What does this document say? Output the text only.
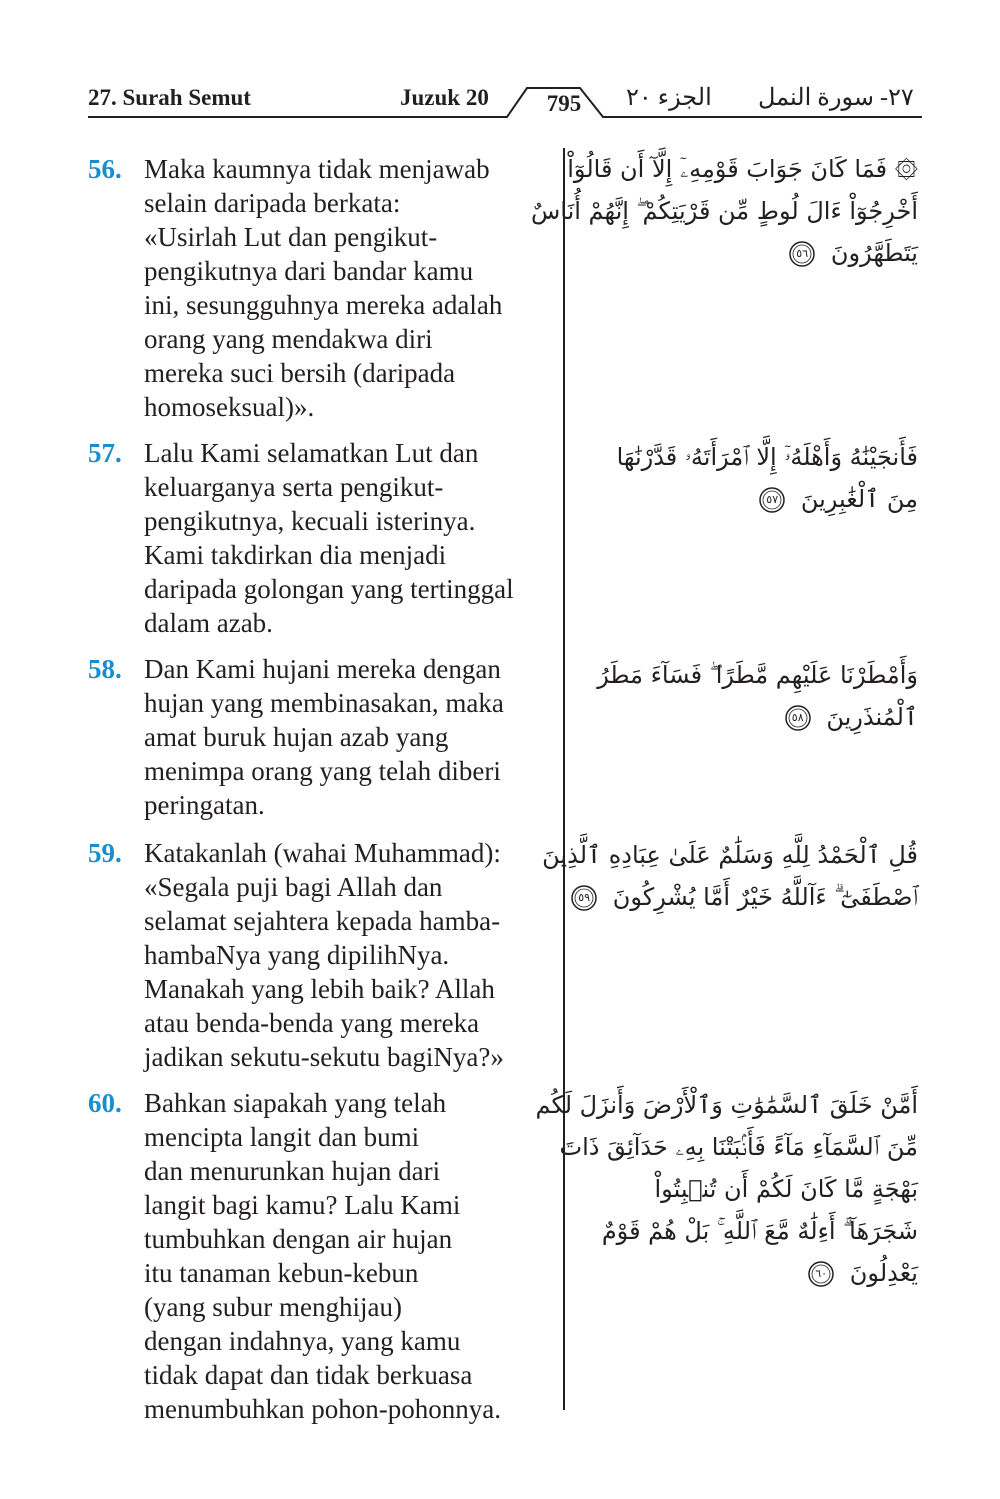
27. Surah Semut	Juzuk 20	795 الجزء ٢٠ ٢٧- سورة النمل
56. Maka kaumnya tidak menjawab
selain daripada berkata:
«Usirlah Lut dan pengikut-
pengikutnya dari bandar kamu
ini, sesungguhnya mereka adalah
orang yang mendakwa diri
mereka suci bersih (daripada
homoseksual)».
۞ فَمَا كَانَ جَوَابَ قَوْمِهِۦٓ إِلَّآ أَن قَالُوٓاْ
أَخْرِجُوٓاْ ءَالَ لُوطٍ مِّن قَرْيَتِكُمْ ۖ إِنَّهُمْ أُنَاسٌ
يَتَطَهَّرُونَ
٥٦
57. Lalu Kami selamatkan Lut dan
keluarganya serta pengikut-
pengikutnya, kecuali isterinya.
Kami takdirkan dia menjadi
daripada golongan yang tertinggal
dalam azab.
فَأَنجَيْنَٰهُ وَأَهْلَهُۥٓ إِلَّا ٱمْرَأَتَهُۥ قَدَّرْنَٰهَا
مِنَ ٱلْغَٰبِرِينَ
٥٧
58. Dan Kami hujani mereka dengan
hujan yang membinasakan, maka
amat buruk hujan azab yang
menimpa orang yang telah diberi
peringatan.
وَأَمْطَرْنَا عَلَيْهِم مَّطَرًا ۖ فَسَآءَ مَطَرُ
ٱلْمُنذَرِينَ
٥٨
59. Katakanlah (wahai Muhammad):
«Segala puji bagi Allah dan
selamat sejahtera kepada hamba-
hambaNya yang dipilihNya.
Manakah yang lebih baik? Allah
atau benda-benda yang mereka
jadikan sekutu-sekutu bagiNya?»
قُلِ ٱلْحَمْدُ لِلَّهِ وَسَلَٰمٌ عَلَىٰ عِبَادِهِ ٱلَّذِينَ
ٱصْطَفَىٰٓ ۗ ءَآللَّهُ خَيْرٌ أَمَّا يُشْرِكُونَ
٥٩
60. Bahkan siapakah yang telah
mencipta langit dan bumi
dan menurunkan hujan dari
langit bagi kamu? Lalu Kami
tumbuhkan dengan air hujan
itu tanaman kebun-kebun
(yang subur menghijau)
dengan indahnya, yang kamu
tidak dapat dan tidak berkuasa
menumbuhkan pohon-pohonnya.
أَمَّنْ خَلَقَ ٱلسَّمَٰوَٰتِ وَٱلْأَرْضَ وَأَنزَلَ لَكُم
مِّنَ ٱلسَّمَآءِ مَآءً فَأَنۢبَتْنَا بِهِۦ حَدَآئِقَ ذَاتَ
بَهْجَةٍ مَّا كَانَ لَكُمْ أَن تُنۢبِتُواْ
شَجَرَهَآ ۗ أَءِلَٰهٌ مَّعَ ٱللَّهِ ۚ بَلْ هُمْ قَوْمٌ
يَعْدِلُونَ
٦٠
